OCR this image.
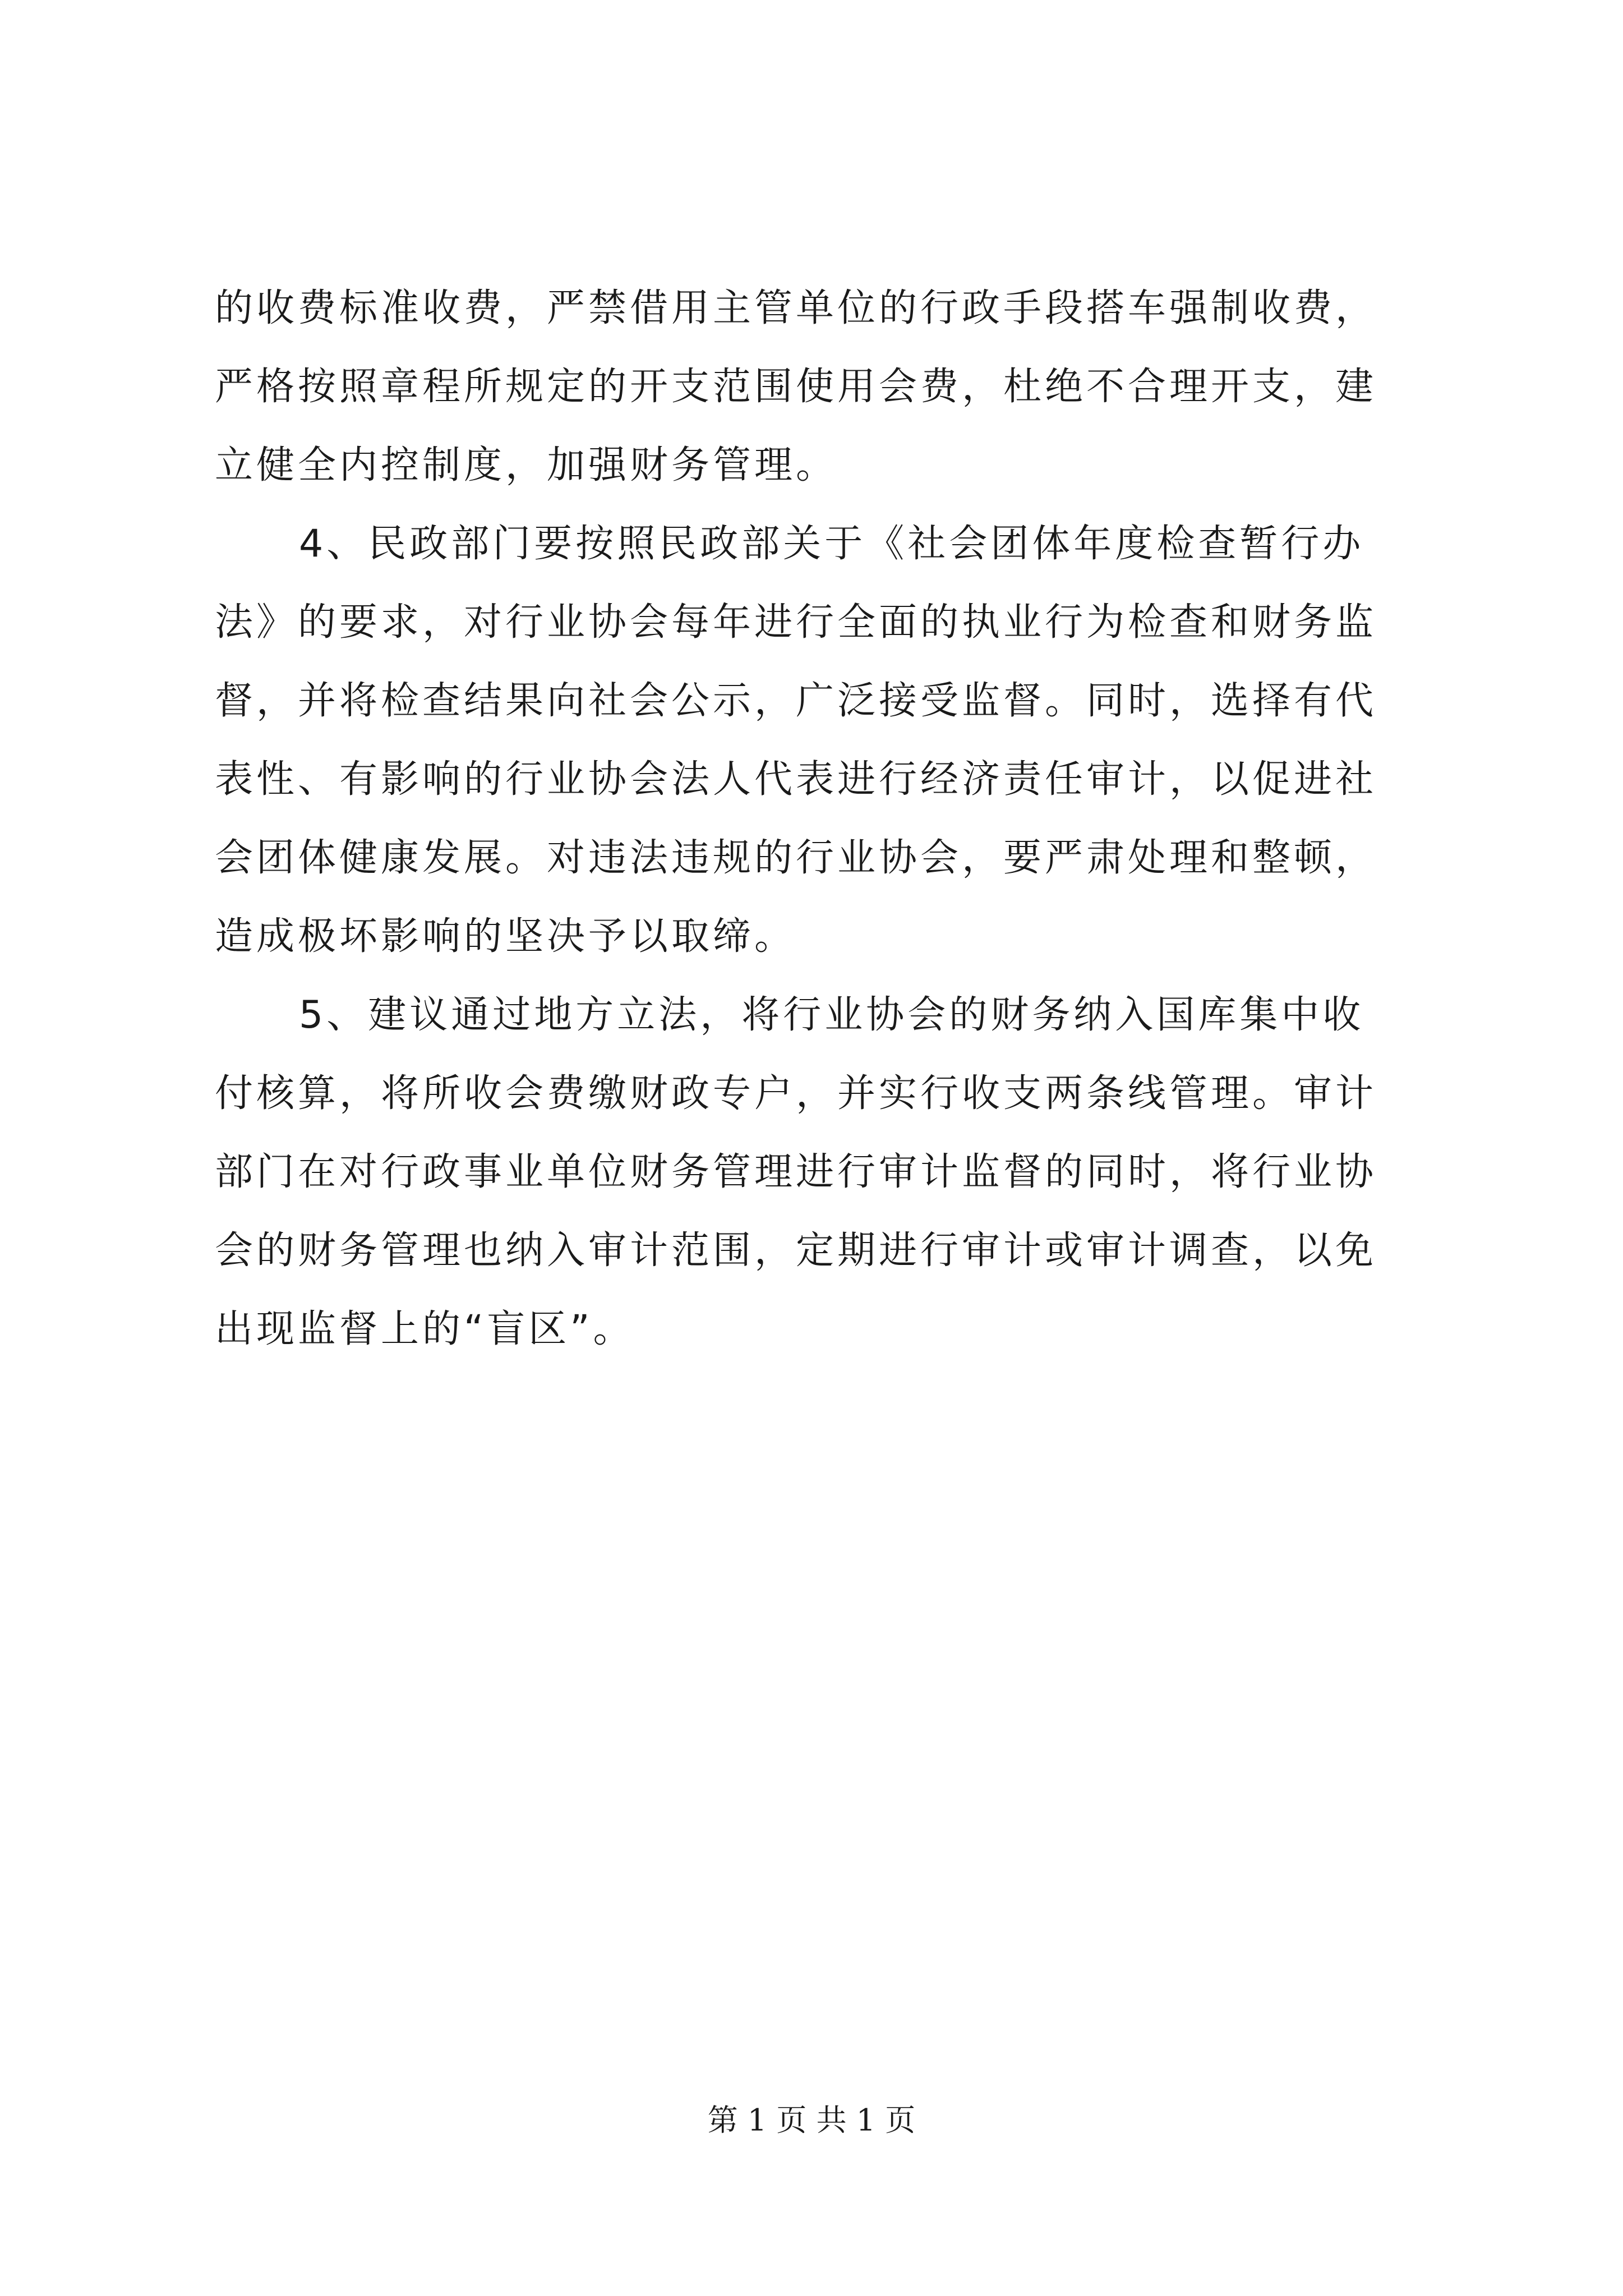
的收费标准收费，严禁借用主管单位的行政手段搭车强制收费，
严格按照章程所规定的开支范围使用会费，杜绝不合理开支，建
立健全内控制度，加强财务管理。
4、民政部门要按照民政部关于《社会团体年度检查暂行办
法》的要求，对行业协会每年进行全面的执业行为检查和财务监
督，并将检查结果向社会公示，广泛接受监督。同时，选择有代
表性、有影响的行业协会法人代表进行经济责任审计，以促进社
会团体健康发展。对违法违规的行业协会，要严肃处理和整顿，
造成极坏影响的坚决予以取缔。
5、建议通过地方立法，将行业协会的财务纳入国库集中收
付核算，将所收会费缴财政专户，并实行收支两条线管理。审计
部门在对行政事业单位财务管理进行审计监督的同时，将行业协
会的财务管理也纳入审计范围，定期进行审计或审计调查，以免
出现监督上的“盲区”。
第 1 页 共 1 页
